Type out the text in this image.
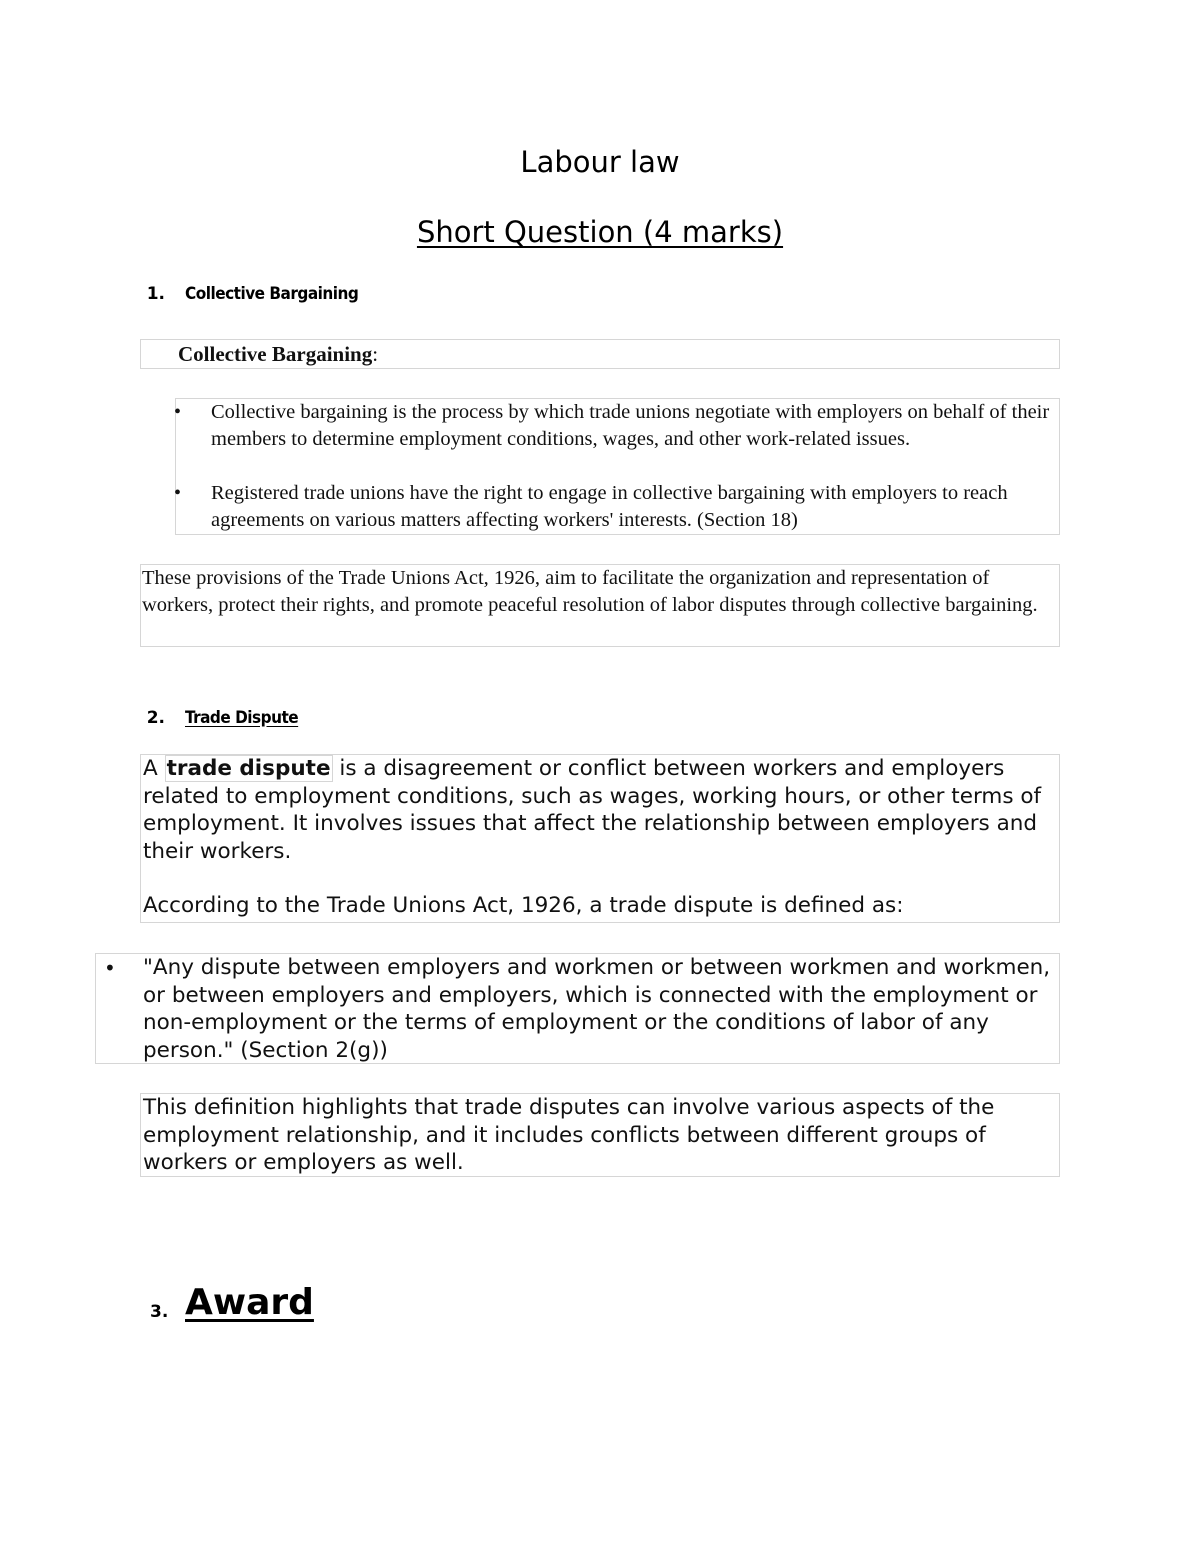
Labour law
Short Question (4 marks)
1. Collective Bargaining
Collective Bargaining:
• Collective bargaining is the process by which trade unions negotiate with employers on behalf of their members to determine employment conditions, wages, and other work-related issues.
• Registered trade unions have the right to engage in collective bargaining with employers to reach agreements on various matters affecting workers' interests. (Section 18)
These provisions of the Trade Unions Act, 1926, aim to facilitate the organization and representation of workers, protect their rights, and promote peaceful resolution of labor disputes through collective bargaining.
2. Trade Dispute
A trade dispute is a disagreement or conflict between workers and employers related to employment conditions, such as wages, working hours, or other terms of employment. It involves issues that affect the relationship between employers and their workers.
According to the Trade Unions Act, 1926, a trade dispute is defined as:
• "Any dispute between employers and workmen or between workmen and workmen, or between employers and employers, which is connected with the employment or non-employment or the terms of employment or the conditions of labor of any person." (Section 2(g))
This definition highlights that trade disputes can involve various aspects of the employment relationship, and it includes conflicts between different groups of workers or employers as well.
3. Award
